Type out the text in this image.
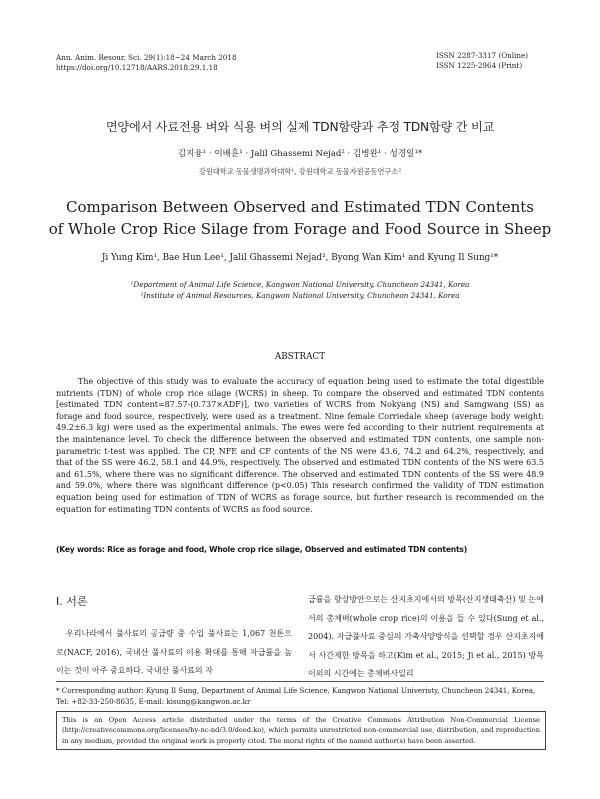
Ann. Anim. Resour. Sci. 29(1):18~24 March 2018
https://doi.org/10.12718/AARS.2018.29.1.18
ISSN 2287-3317 (Online)
ISSN 1225-2964 (Print)
면양에서 사료전용 벼와 식용 벼의 실제 TDN함량과 추정 TDN함량 간 비교
김지융¹ · 이배훈¹ · Jalil Ghassemi Nejad² · 김병완¹ · 성경일¹*
강원대학교 동물생명과학대학¹, 강원대학교 동물자원공동연구소²
Comparison Between Observed and Estimated TDN Contents
of Whole Crop Rice Silage from Forage and Food Source in Sheep
Ji Yung Kim¹, Bae Hun Lee¹, Jalil Ghassemi Nejad², Byong Wan Kim¹ and Kyung Il Sung¹*
¹Department of Animal Life Science, Kangwon National University, Chuncheon 24341, Korea
²Institute of Animal Resources, Kangwon National University, Chuncheon 24341, Korea
ABSTRACT

The objective of this study was to evaluate the accuracy of equation being used to estimate the total digestible nutrients (TDN) of whole crop rice silage (WCRS) in sheep. To compare the observed and estimated TDN contents [estimated TDN content=87.57-(0.737×ADF)], two varieties of WCRS from Nokyang (NS) and Samgwang (SS) as forage and food source, respectively, were used as a treatment. Nine female Corriedale sheep (average body weight: 49.2±6.3 kg) were used as the experimental animals. The ewes were fed according to their nutrient requirements at the maintenance level. To check the difference between the observed and estimated TDN contents, one sample non-parametric t-test was applied. The CP, NFE and CF contents of the NS were 43.6, 74.2 and 64.2%, respectively, and that of the SS were 46.2, 58.1 and 44.9%, respectively. The observed and estimated TDN contents of the NS were 63.5 and 61.5%, where there was no significant difference. The observed and estimated TDN contents of the SS were 48.9 and 59.0%, where there was significant difference (p<0.05) This research confirmed the validity of TDN estimation equation being used for estimation of TDN of WCRS as forage source, but further research is recommended on the equation for estimating TDN contents of WCRS as food source.

(Key words: Rice as forage and food, Whole crop rice silage, Observed and estimated TDN contents)
Ⅰ. 서론
우리나라에서 풀사료의 공급량 중 수입 풀사료는 1,067 천톤으로(NACF, 2016), 국내산 풀사료의 이용 확대를 통해 자급률을 높이는 것이 아주 중요하다. 국내산 풀사료의 자
급률을 향상방안으로는 산지초지에서의 방목(산지생태축산) 및 논에서의 총체벼(whole crop rice)의 이용을 들 수 있다(Sung et al., 2004). 자급풀사료 중심의 가축사양방식을 선택할 경우 산지초지에서 사간제한 방목을 하고(Kim et al., 2015; Ji et al., 2015) 방목 이외의 시간에는 총체벼사일리
* Corresponding author: Kyung Il Sung, Department of Animal Life Science, Kangwon National Univeristy, Chuncheon 24341, Korea, Tel: +82-33-250-8635, E-mail: kisung@kangwon.ac.kr
This is an Open Access article distributed under the terms of the Creative Commons Attribution Non-Commercial License (http://creativecommons.org/licenses/by-nc-nd/3.0/deed.ko), which permits unrestricted non-commercial use, distribution, and reproduction in any medium, provided the original work is properly cited. The moral rights of the named author(s) have been asserted.
